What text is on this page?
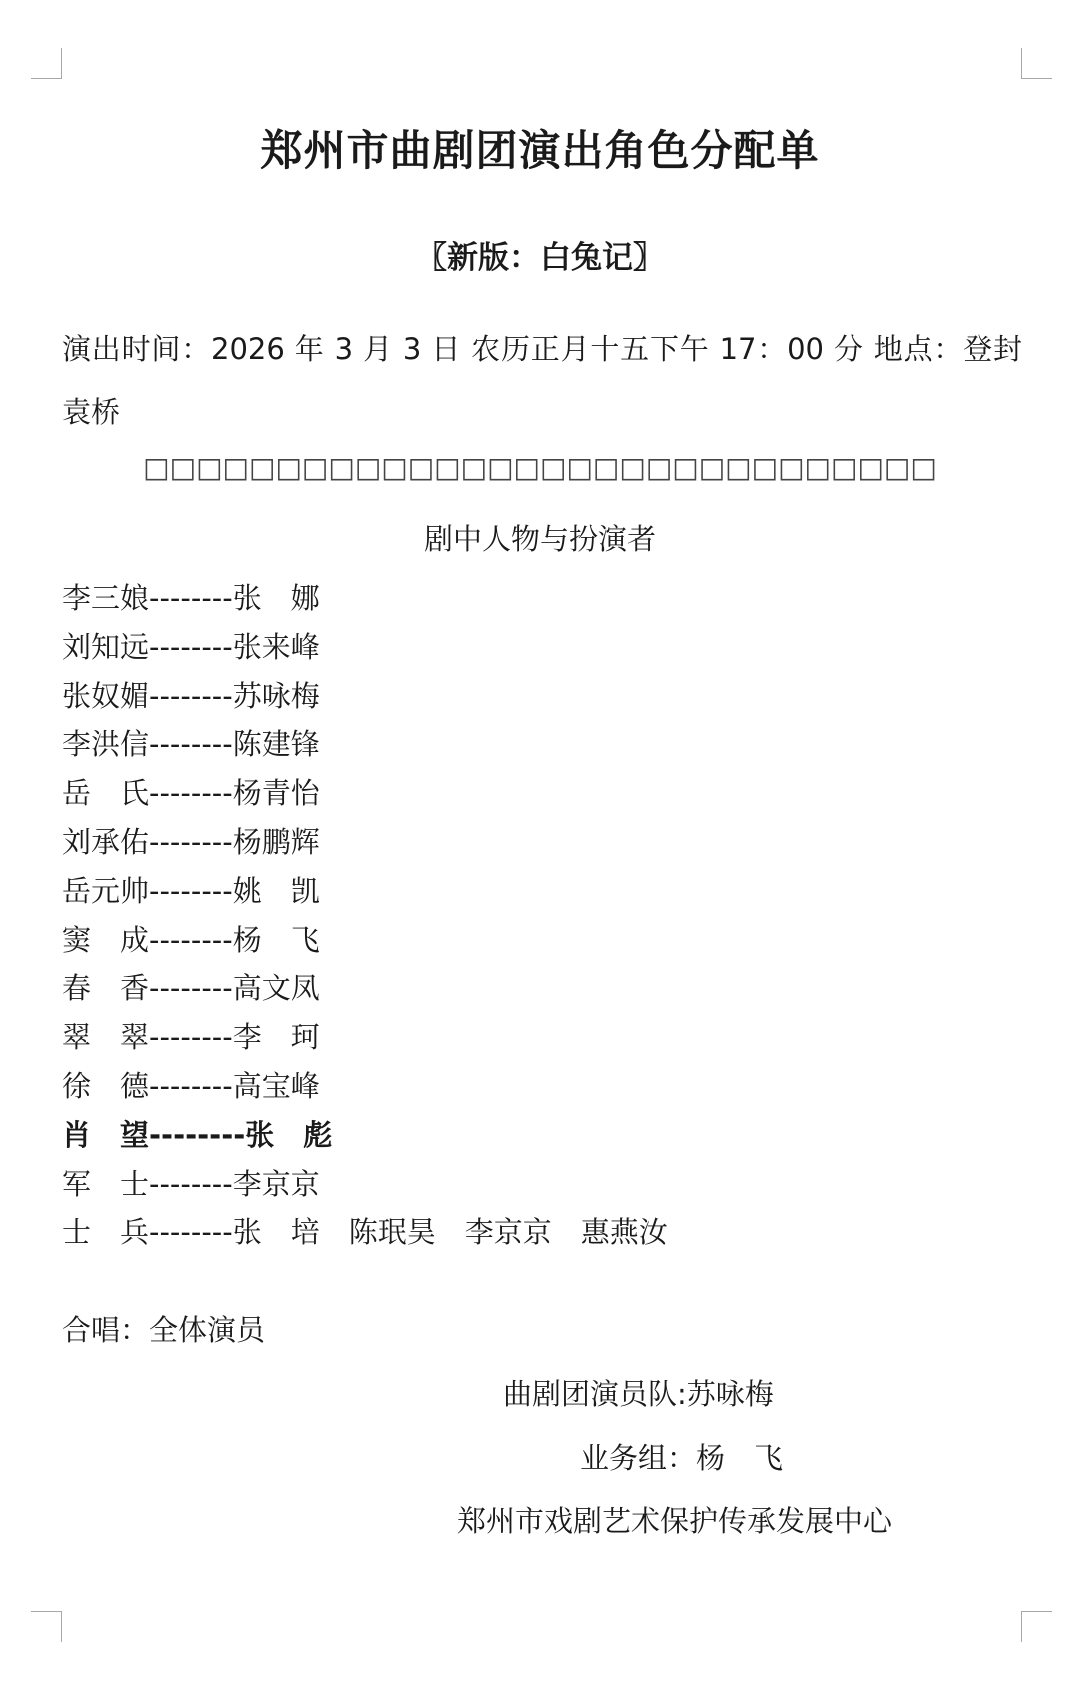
郑州市曲剧团演出角色分配单
〖新版：白兔记〗
演出时间：2026 年 3 月 3 日 农历正月十五下午 17：00 分 地点：登封袁桥
□□□□□□□□□□□□□□□□□□□□□□□□□□□□□□
剧中人物与扮演者
李三娘--------张　娜
刘知远--------张来峰
张奴媚--------苏咏梅
李洪信--------陈建锋
岳　氏--------杨青怡
刘承佑--------杨鹏辉
岳元帅--------姚　凯
窦　成--------杨　飞
春　香--------高文凤
翠　翠--------李　珂
徐　德--------高宝峰
肖　望--------张　彪
军　士--------李京京
士　兵--------张　培　陈珉昊　李京京　惠燕汝
合唱：全体演员
曲剧团演员队:苏咏梅
业务组：杨　飞
郑州市戏剧艺术保护传承发展中心
